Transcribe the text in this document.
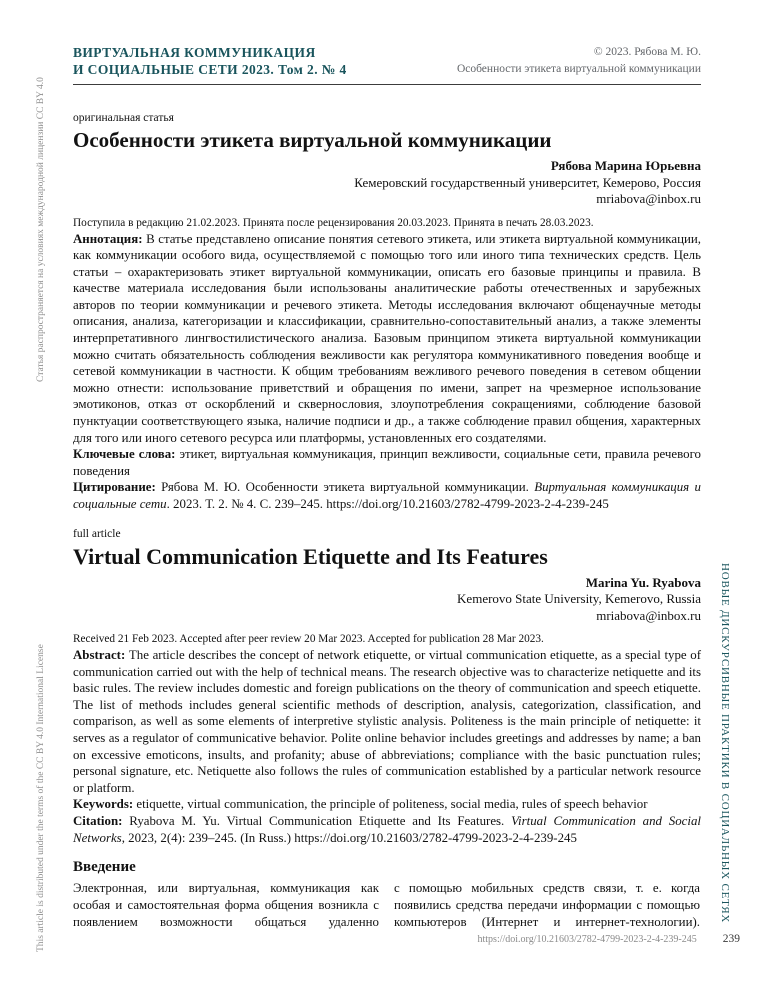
Статья распространяется на условиях международной лицензии CC BY 4.0
This article is distributed under the terms of the CC BY 4.0 International License	НОВЫЕ ДИСКУРСИВНЫЕ ПРАКТИКИ В СОЦИАЛЬНЫХ СЕТЯХ
ВИРТУАЛЬНАЯ КОММУНИКАЦИЯ
И СОЦИАЛЬНЫЕ СЕТИ 2023. Том 2. № 4
© 2023. Рябова М. Ю.
Особенности этикета виртуальной коммуникации
оригинальная статья
Особенности этикета виртуальной коммуникации
Рябова Марина Юрьевна
Кемеровский государственный университет, Кемерово, Россия
mriabova@inbox.ru
Поступила в редакцию 21.02.2023. Принята после рецензирования 20.03.2023. Принята в печать 28.03.2023.

Аннотация: В статье представлено описание понятия сетевого этикета, или этикета виртуальной коммуникации, как коммуникации особого вида, осуществляемой с помощью того или иного типа технических средств. Цель статьи – охарактеризовать этикет виртуальной коммуникации, описать его базовые принципы и правила. В качестве материала исследования были использованы аналитические работы отечественных и зарубежных авторов по теории коммуникации и речевого этикета. Методы исследования включают общенаучные методы описания, анализа, категоризации и классификации, сравнительно-сопоставительный анализ, а также элементы интерпретативного лингвостилистического анализа. Базовым принципом этикета виртуальной коммуникации можно считать обязательность соблюдения вежливости как регулятора коммуникативного поведения вообще и сетевой коммуникации в частности. К общим требованиям вежливого речевого поведения в сетевом общении можно отнести: использование приветствий и обращения по имени, запрет на чрезмерное использование эмотиконов, отказ от оскорблений и сквернословия, злоупотребления сокращениями, соблюдение базовой пунктуации соответствующего языка, наличие подписи и др., а также соблюдение правил общения, характерных для того или иного сетевого ресурса или платформы, установленных его создателями.

Ключевые слова: этикет, виртуальная коммуникация, принцип вежливости, социальные сети, правила речевого поведения

Цитирование: Рябова М. Ю. Особенности этикета виртуальной коммуникации. Виртуальная коммуникация и социальные сети. 2023. Т. 2. № 4. С. 239–245. https://doi.org/10.21603/2782-4799-2023-2-4-239-245

full article
Virtual Communication Etiquette and Its Features
Marina Yu. Ryabova
Kemerovo State University, Kemerovo, Russia
mriabova@inbox.ru
Received 21 Feb 2023. Accepted after peer review 20 Mar 2023. Accepted for publication 28 Mar 2023.

Abstract: The article describes the concept of network etiquette, or virtual communication etiquette, as a special type of communication carried out with the help of technical means. The research objective was to characterize netiquette and its basic rules. The review includes domestic and foreign publications on the theory of communication and speech etiquette. The list of methods includes general scientific methods of description, analysis, categorization, classification, and comparison, as well as some elements of interpretive stylistic analysis. Politeness is the main principle of netiquette: it serves as a regulator of communicative behavior. Polite online behavior includes greetings and addresses by name; a ban on excessive emoticons, insults, and profanity; abuse of abbreviations; compliance with the basic punctuation rules; personal signature, etc. Netiquette also follows the rules of communication established by a particular network resource or platform.

Keywords: etiquette, virtual communication, the principle of politeness, social media, rules of speech behavior

Citation: Ryabova M. Yu. Virtual Communication Etiquette and Its Features. Virtual Communication and Social Networks, 2023, 2(4): 239–245. (In Russ.) https://doi.org/10.21603/2782-4799-2023-2-4-239-245

Введение
Электронная, или виртуальная, коммуникация как особая и самостоятельная форма общения возникла с появлением возможности общаться удаленно
с помощью мобильных средств связи, т. е. когда появились средства передачи информации с помощью компьютеров (Интернет и интернет-технологии).
https://doi.org/10.21603/2782-4799-2023-2-4-239-245 239
